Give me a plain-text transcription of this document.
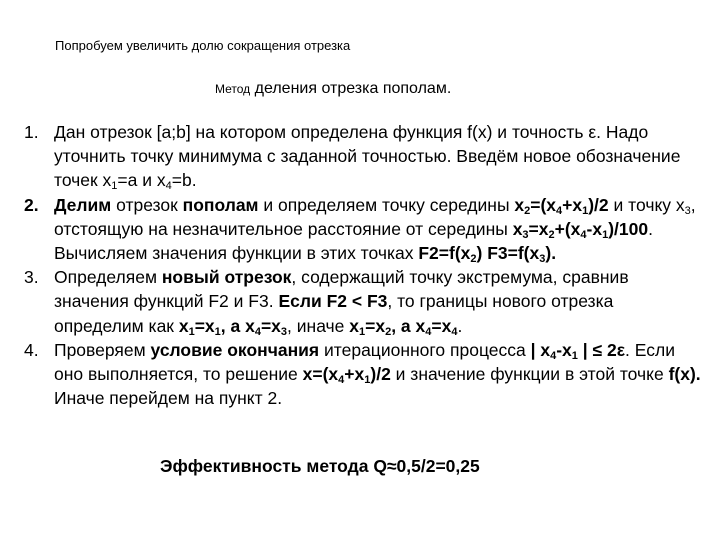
Попробуем увеличить долю сокращения отрезка
Метод деления отрезка пополам.
1. Дан отрезок [a;b] на котором определена функция f(x) и точность ε. Надо уточнить точку минимума с заданной точностью. Введём новое обозначение точек $x_1=a$ и $x_4=b$.
2. Делим отрезок пополам и определяем точку середины $x_2=(x_4+x_1)/2$ и точку $x_3$, отстоящую на незначительное расстояние от середины $x_3=x_2+(x_4-x_1)/100$. Вычисляем значения функции в этих точках $F2=f(x_2)$ $F3=f(x_3)$.
3. Определяем новый отрезок, содержащий точку экстремума, сравнив значения функций F2 и F3. Если F2 < F3, то границы нового отрезка определим как $x_1=x_1$, а $x_4=x_3$, иначе $x_1=x_2$, а $x_4=x_4$.
4. Проверяем условие окончания итерационного процесса | $x_4-x_1$ | ≤ 2ε. Если оно выполняется, то решение $x=(x_4+x_1)/2$ и значение функции в этой точке f(x). Иначе перейдем на пункт 2.
Эффективность метода Q≈0,5/2=0,25
